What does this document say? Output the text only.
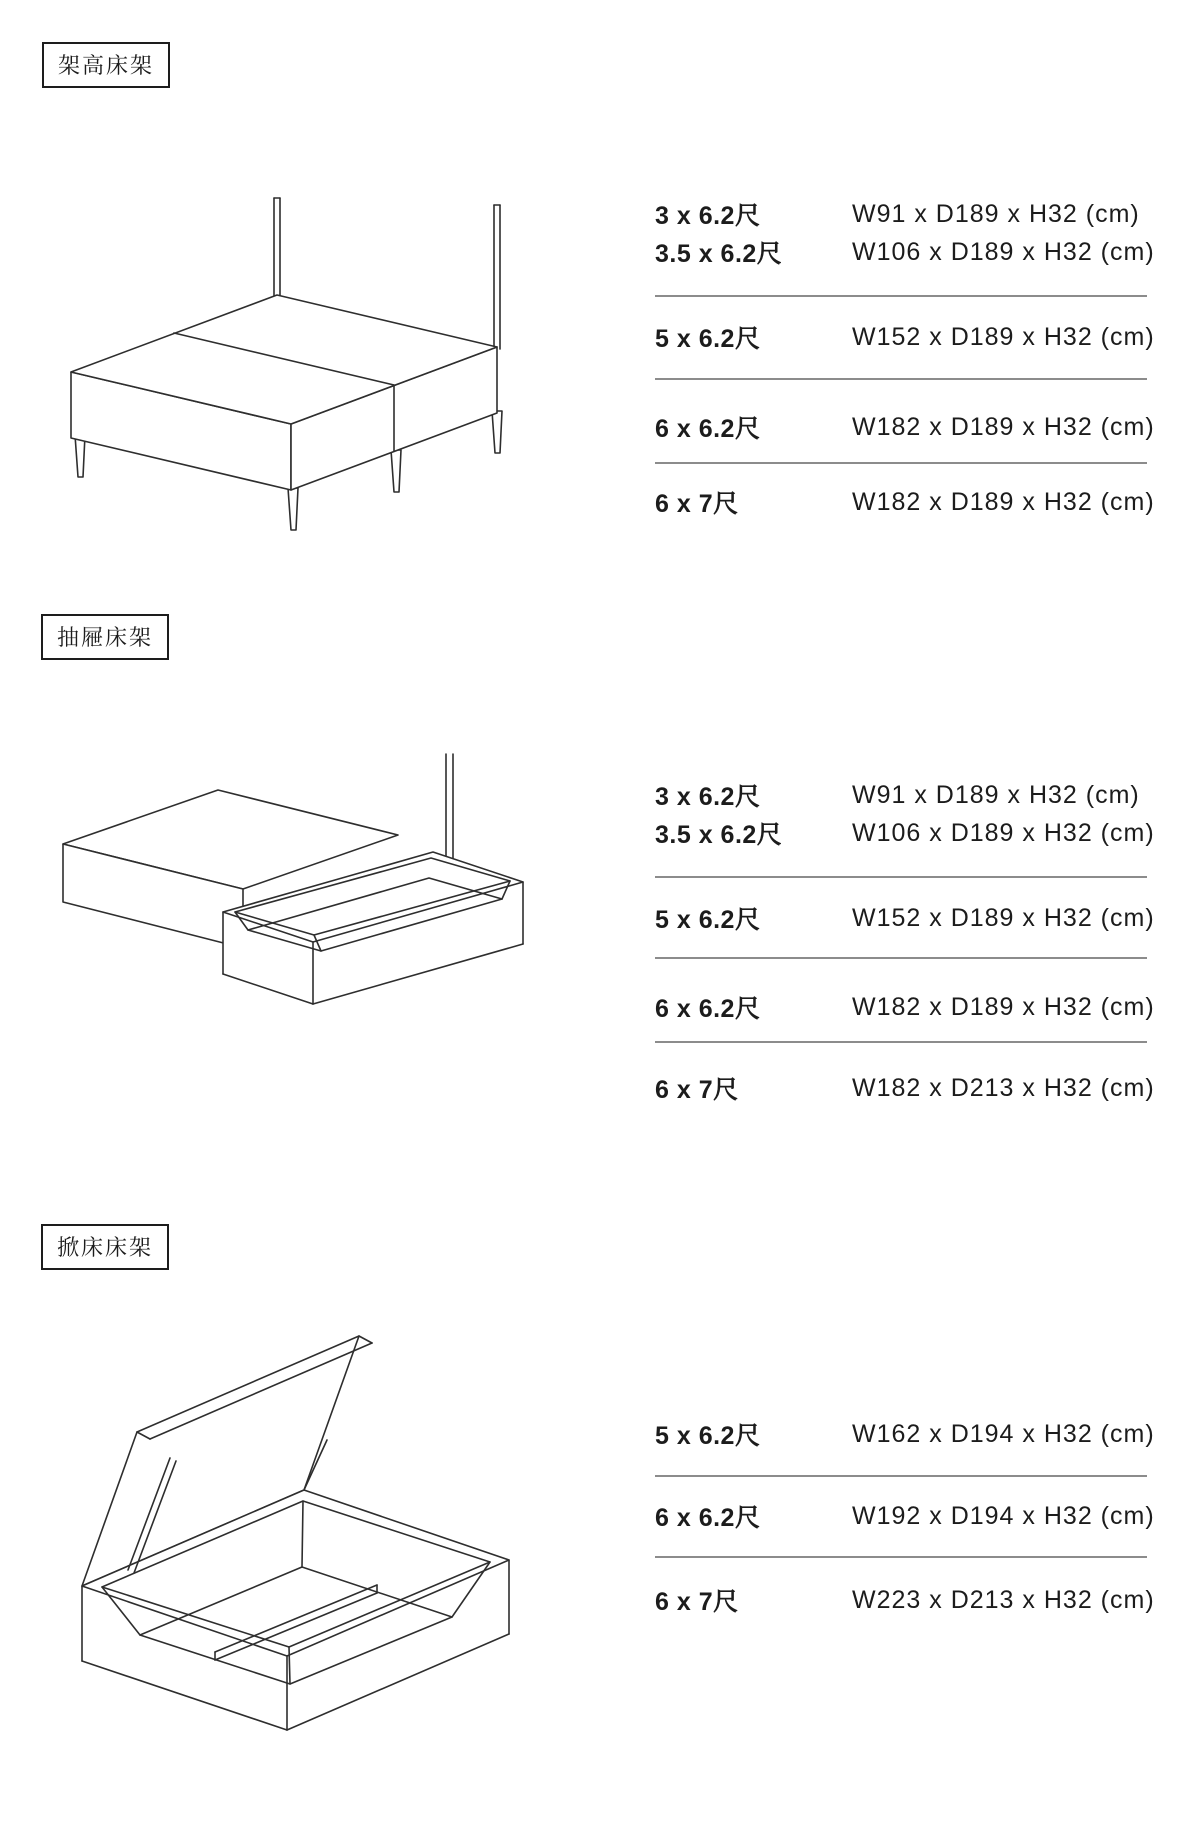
架高床架
3 x 6.2尺	W91 x D189 x H32 (cm)
3.5 x 6.2尺	W106 x D189 x H32 (cm)
5 x 6.2尺	W152 x D189 x H32 (cm)
6 x 6.2尺	W182 x D189 x H32 (cm)
6 x 7尺	W182 x D189 x H32 (cm)
抽屜床架
3 x 6.2尺	W91 x D189 x H32 (cm)
3.5 x 6.2尺	W106 x D189 x H32 (cm)
5 x 6.2尺	W152 x D189 x H32 (cm)
6 x 6.2尺	W182 x D189 x H32 (cm)
6 x 7尺	W182 x D213 x H32 (cm)
掀床床架
5 x 6.2尺	W162 x D194 x H32 (cm)
6 x 6.2尺	W192 x D194 x H32 (cm)
6 x 7尺	W223 x D213 x H32 (cm)
